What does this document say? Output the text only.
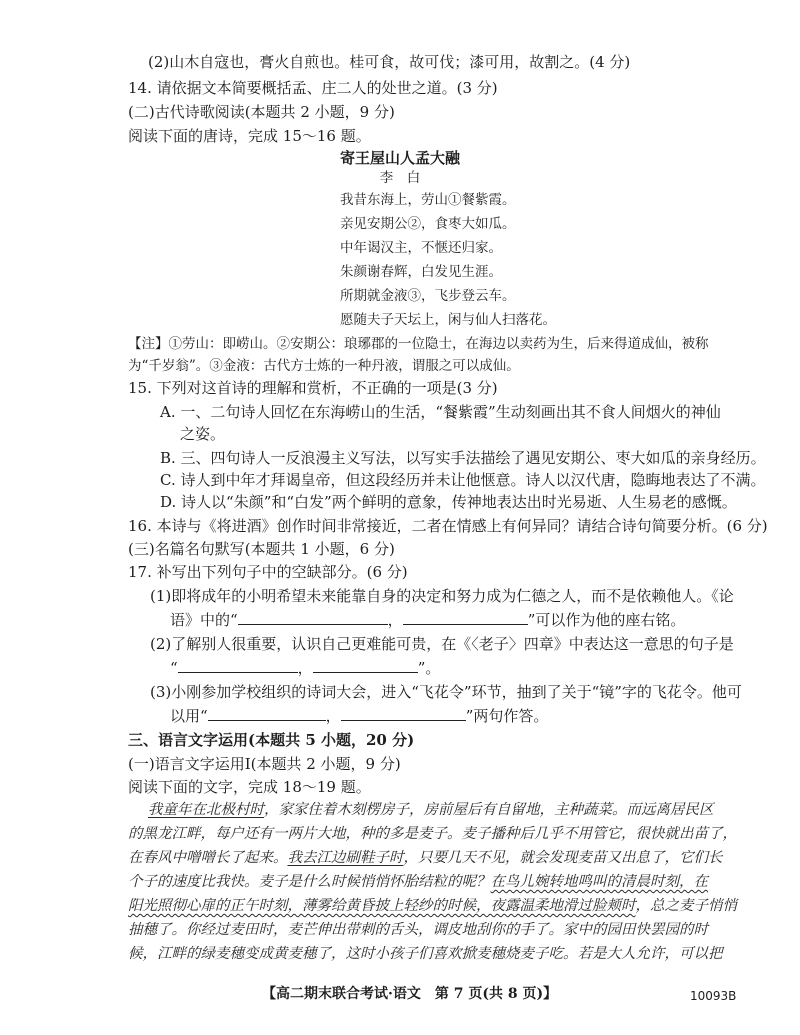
(2)山木自寇也，膏火自煎也。桂可食，故可伐；漆可用，故割之。(4 分)
14. 请依据文本简要概括孟、庄二人的处世之道。(3 分)
(二)古代诗歌阅读(本题共 2 小题，9 分)
阅读下面的唐诗，完成 15～16 题。
寄王屋山人孟大融
李　白
我昔东海上，劳山①餐紫霞。
亲见安期公②，食枣大如瓜。
中年谒汉主，不惬还归家。
朱颜谢春辉，白发见生涯。
所期就金液③，飞步登云车。
愿随夫子天坛上，闲与仙人扫落花。
【注】①劳山：即崂山。②安期公：琅琊郡的一位隐士，在海边以卖药为生，后来得道成仙，被称
为“千岁翁”。③金液：古代方士炼的一种丹液，谓服之可以成仙。
15. 下列对这首诗的理解和赏析，不正确的一项是(3 分)
A. 一、二句诗人回忆在东海崂山的生活，“餐紫霞”生动刻画出其不食人间烟火的神仙
之姿。
B. 三、四句诗人一反浪漫主义写法，以写实手法描绘了遇见安期公、枣大如瓜的亲身经历。
C. 诗人到中年才拜谒皇帝，但这段经历并未让他惬意。诗人以汉代唐，隐晦地表达了不满。
D. 诗人以“朱颜”和“白发”两个鲜明的意象，传神地表达出时光易逝、人生易老的感慨。
16. 本诗与《将进酒》创作时间非常接近，二者在情感上有何异同？请结合诗句简要分析。(6 分)
(三)名篇名句默写(本题共 1 小题，6 分)
17. 补写出下列句子中的空缺部分。(6 分)
(1)即将成年的小明希望未来能靠自身的决定和努力成为仁德之人，而不是依赖他人。《论
语》中的“	，	”可以作为他的座右铭。
(2)了解别人很重要，认识自己更难能可贵，在《〈老子〉四章》中表达这一意思的句子是
“	，	”。
(3)小刚参加学校组织的诗词大会，进入“飞花令”环节，抽到了关于“镜”字的飞花令。他可
以用“	，	”两句作答。
三、语言文字运用(本题共 5 小题，20 分)
(一)语言文字运用Ⅰ(本题共 2 小题，9 分)
阅读下面的文字，完成 18～19 题。
我童年在北极村时，家家住着木刻楞房子，房前屋后有自留地，主种蔬菜。而远离居民区
的黑龙江畔，每户还有一两片大地，种的多是麦子。麦子播种后几乎不用管它，很快就出苗了，
在春风中噌噌长了起来。我去江边刷鞋子时，只要几天不见，就会发现麦苗又出息了，它们长
个子的速度比我快。麦子是什么时候悄悄怀胎结粒的呢？在鸟儿婉转地鸣叫的清晨时刻，在
阳光照彻心扉的正午时刻，薄雾给黄昏披上轻纱的时候，夜露温柔地滑过脸颊时，总之麦子悄悄
抽穗了。你经过麦田时，麦芒伸出带刺的舌头，调皮地刮你的手了。家中的园田快罢园的时
候，江畔的绿麦穗变成黄麦穗了，这时小孩子们喜欢掀麦穗烧麦子吃。若是大人允许，可以把
【高二期末联合考试·语文　第 7 页(共 8 页)】	10093B
